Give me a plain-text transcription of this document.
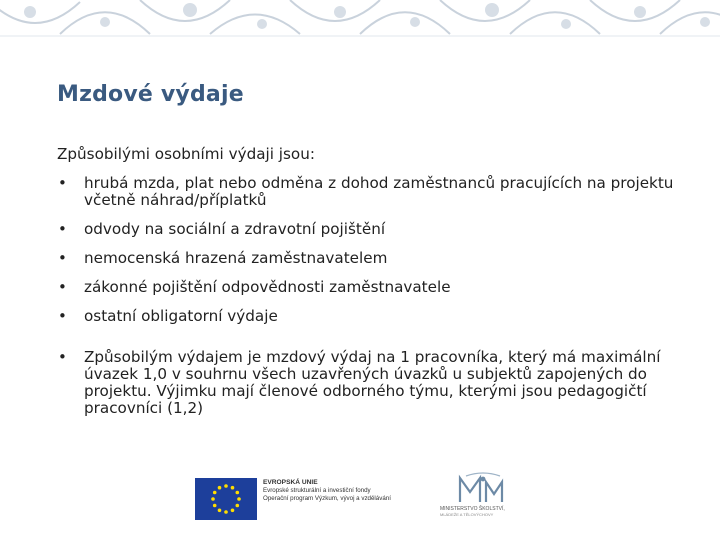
Mzdové výdaje

Způsobilými osobními výdaji jsou:

• hrubá mzda, plat nebo odměna z dohod zaměstnanců pracujících na projektu včetně náhrad/příplatků
• odvody na sociální a zdravotní pojištění
• nemocenská hrazená zaměstnavatelem
• zákonné pojištění odpovědnosti zaměstnavatele
• ostatní obligatorní výdaje
• Způsobilým výdajem je mzdový výdaj na 1 pracovníka, který má maximální úvazek 1,0 v souhrnu všech uzavřených úvazků u subjektů zapojených do projektu. Výjimku mají členové odborného týmu, kterými jsou pedagogičtí pracovníci (1,2)
EVROPSKÁ UNIE
Evropské strukturální a investiční fondy
Operační program Výzkum, vývoj a vzdělávání
MINISTERSTVO ŠKOLSTVÍ,
MLÁDEŽE A TĚLOVÝCHOVY
